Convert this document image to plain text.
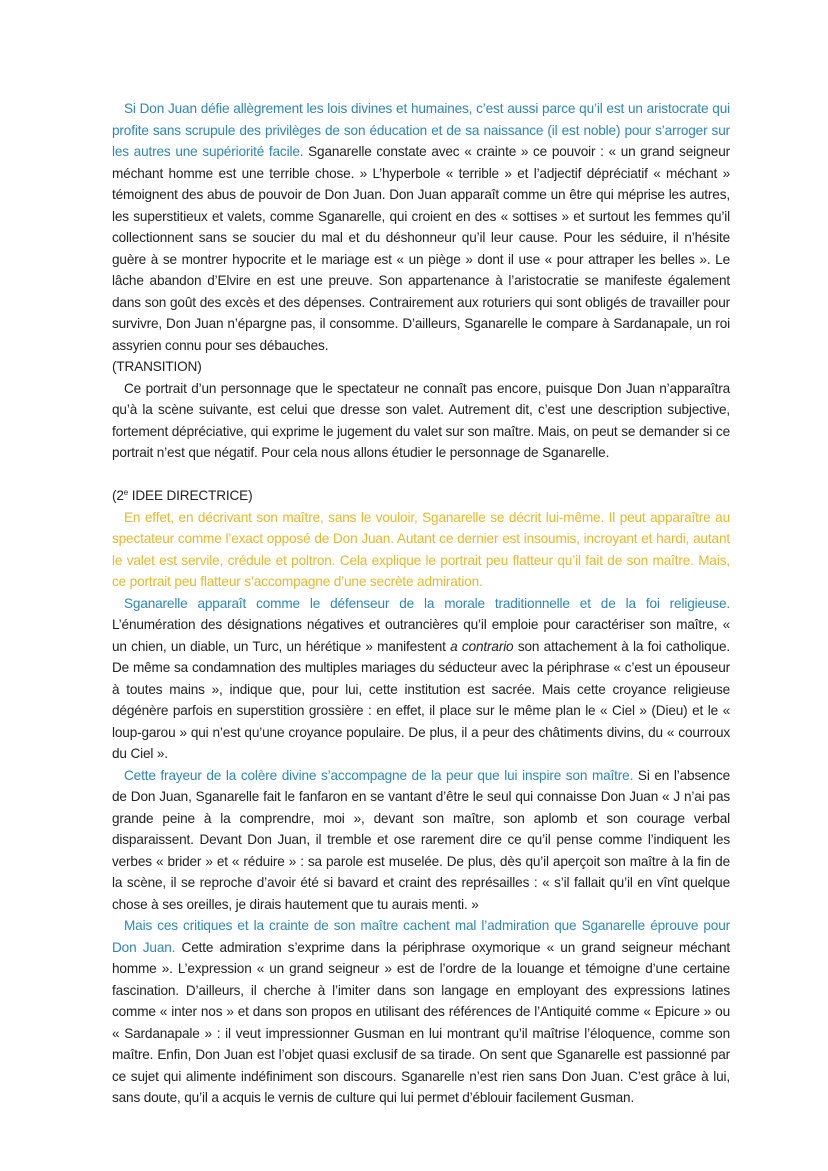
Si Don Juan défie allègrement les lois divines et humaines, c’est aussi parce qu’il est un aristocrate qui profite sans scrupule des privilèges de son éducation et de sa naissance (il est noble) pour s’arroger sur les autres une supériorité facile. Sganarelle constate avec « crainte » ce pouvoir : « un grand seigneur méchant homme est une terrible chose. » L’hyperbole « terrible » et l’adjectif dépréciatif « méchant » témoignent des abus de pouvoir de Don Juan. Don Juan apparaît comme un être qui méprise les autres, les superstitieux et valets, comme Sganarelle, qui croient en des « sottises » et surtout les femmes qu’il collectionnent sans se soucier du mal et du déshonneur qu’il leur cause. Pour les séduire, il n’hésite guère à se montrer hypocrite et le mariage est « un piège » dont il use « pour attraper les belles ». Le lâche abandon d’Elvire en est une preuve. Son appartenance à l’aristocratie se manifeste également dans son goût des excès et des dépenses. Contrairement aux roturiers qui sont obligés de travailler pour survivre, Don Juan n’épargne pas, il consomme. D’ailleurs, Sganarelle le compare à Sardanapale, un roi assyrien connu pour ses débauches.

(TRANSITION)

Ce portrait d’un personnage que le spectateur ne connaît pas encore, puisque Don Juan n’apparaîtra qu’à la scène suivante, est celui que dresse son valet. Autrement dit, c’est une description subjective, fortement dépréciative, qui exprime le jugement du valet sur son maître. Mais, on peut se demander si ce portrait n’est que négatif. Pour cela nous allons étudier le personnage de Sganarelle.

(2e IDEE DIRECTRICE)

En effet, en décrivant son maître, sans le vouloir, Sganarelle se décrit lui-même. Il peut apparaître au spectateur comme l’exact opposé de Don Juan. Autant ce dernier est insoumis, incroyant et hardi, autant le valet est servile, crédule et poltron. Cela explique le portrait peu flatteur qu’il fait de son maître. Mais, ce portrait peu flatteur s’accompagne d’une secrète admiration.

Sganarelle apparaît comme le défenseur de la morale traditionnelle et de la foi religieuse. L’énumération des désignations négatives et outrancières qu’il emploie pour caractériser son maître, « un chien, un diable, un Turc, un hérétique » manifestent a contrario son attachement à la foi catholique. De même sa condamnation des multiples mariages du séducteur avec la périphrase « c’est un épouseur à toutes mains », indique que, pour lui, cette institution est sacrée. Mais cette croyance religieuse dégénère parfois en superstition grossière : en effet, il place sur le même plan le « Ciel » (Dieu) et le « loup-garou » qui n’est qu’une croyance populaire. De plus, il a peur des châtiments divins, du « courroux du Ciel ».

Cette frayeur de la colère divine s’accompagne de la peur que lui inspire son maître. Si en l’absence de Don Juan, Sganarelle fait le fanfaron en se vantant d’être le seul qui connaisse Don Juan « J n’ai pas grande peine à la comprendre, moi », devant son maître, son aplomb et son courage verbal disparaissent. Devant Don Juan, il tremble et ose rarement dire ce qu’il pense comme l’indiquent les verbes « brider » et « réduire » : sa parole est muselée. De plus, dès qu’il aperçoit son maître à la fin de la scène, il se reproche d’avoir été si bavard et craint des représailles : « s’il fallait qu’il en vînt quelque chose à ses oreilles, je dirais hautement que tu aurais menti. »

Mais ces critiques et la crainte de son maître cachent mal l’admiration que Sganarelle éprouve pour Don Juan. Cette admiration s’exprime dans la périphrase oxymorique « un grand seigneur méchant homme ». L’expression « un grand seigneur » est de l’ordre de la louange et témoigne d’une certaine fascination. D’ailleurs, il cherche à l’imiter dans son langage en employant des expressions latines comme « inter nos » et dans son propos en utilisant des références de l’Antiquité comme « Epicure » ou « Sardanapale » : il veut impressionner Gusman en lui montrant qu’il maîtrise l’éloquence, comme son maître. Enfin, Don Juan est l’objet quasi exclusif de sa tirade. On sent que Sganarelle est passionné par ce sujet qui alimente indéfiniment son discours. Sganarelle n’est rien sans Don Juan. C’est grâce à lui, sans doute, qu’il a acquis le vernis de culture qui lui permet d’éblouir facilement Gusman.
